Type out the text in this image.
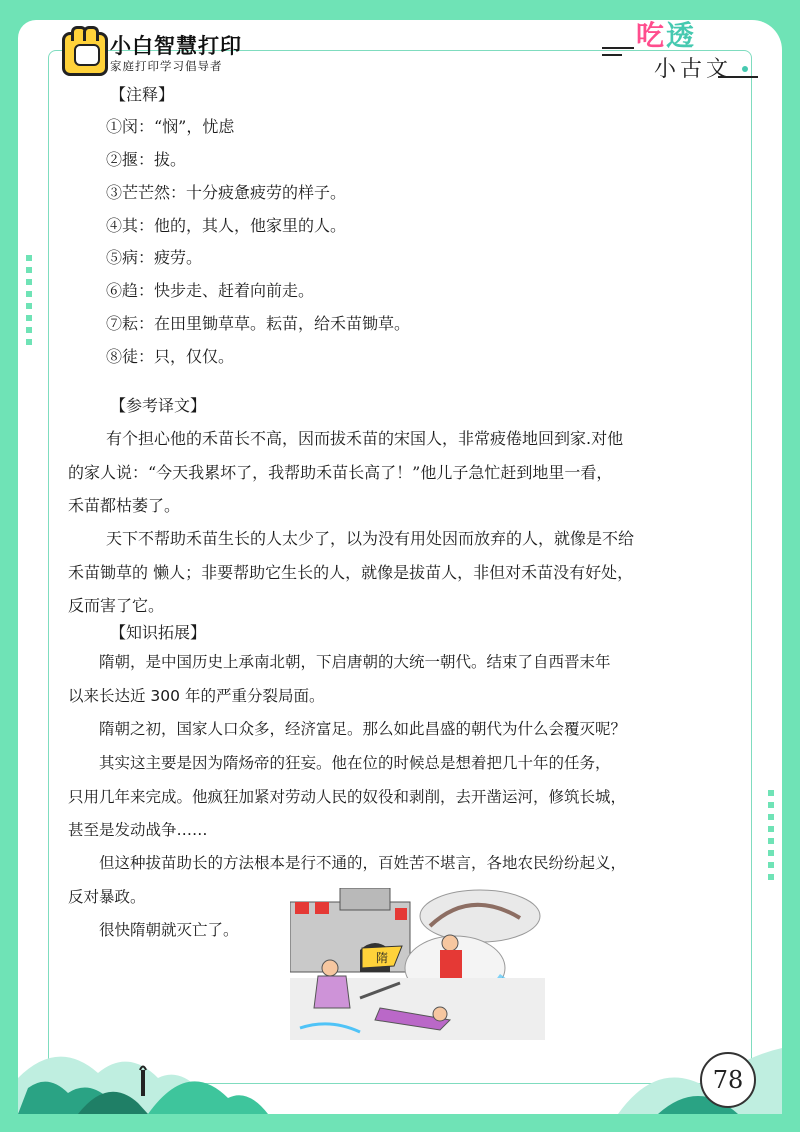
小白智慧打印
家庭打印学习倡导者
吃透
小古文

【注释】

①闵：“悯”，忧虑

②揠：拔。

③芒芒然：十分疲惫疲劳的样子。

④其：他的，其人，他家里的人。

⑤病：疲劳。

⑥趋：快步走、赶着向前走。

⑦耘：在田里锄草草。耘苗，给禾苗锄草。

⑧徒：只，仅仅。

【参考译文】

有个担心他的禾苗长不高，因而拔禾苗的宋国人，非常疲倦地回到家.对他

的家人说：“今天我累坏了，我帮助禾苗长高了！”他儿子急忙赶到地里一看，

禾苗都枯萎了。

天下不帮助禾苗生长的人太少了，以为没有用处因而放弃的人，就像是不给

禾苗锄草的 懒人；非要帮助它生长的人，就像是拔苗人，非但对禾苗没有好处，

反而害了它。

【知识拓展】

隋朝，是中国历史上承南北朝，下启唐朝的大统一朝代。结束了自西晋末年

以来长达近 300 年的严重分裂局面。

隋朝之初，国家人口众多，经济富足。那么如此昌盛的朝代为什么会覆灭呢？

其实这主要是因为隋炀帝的狂妄。他在位的时候总是想着把几十年的任务，

只用几年来完成。他疯狂加紧对劳动人民的奴役和剥削，去开凿运河，修筑长城，

甚至是发动战争……

但这种拔苗助长的方法根本是行不通的，百姓苦不堪言，各地农民纷纷起义，

反对暴政。

很快隋朝就灭亡了。

隋
78
